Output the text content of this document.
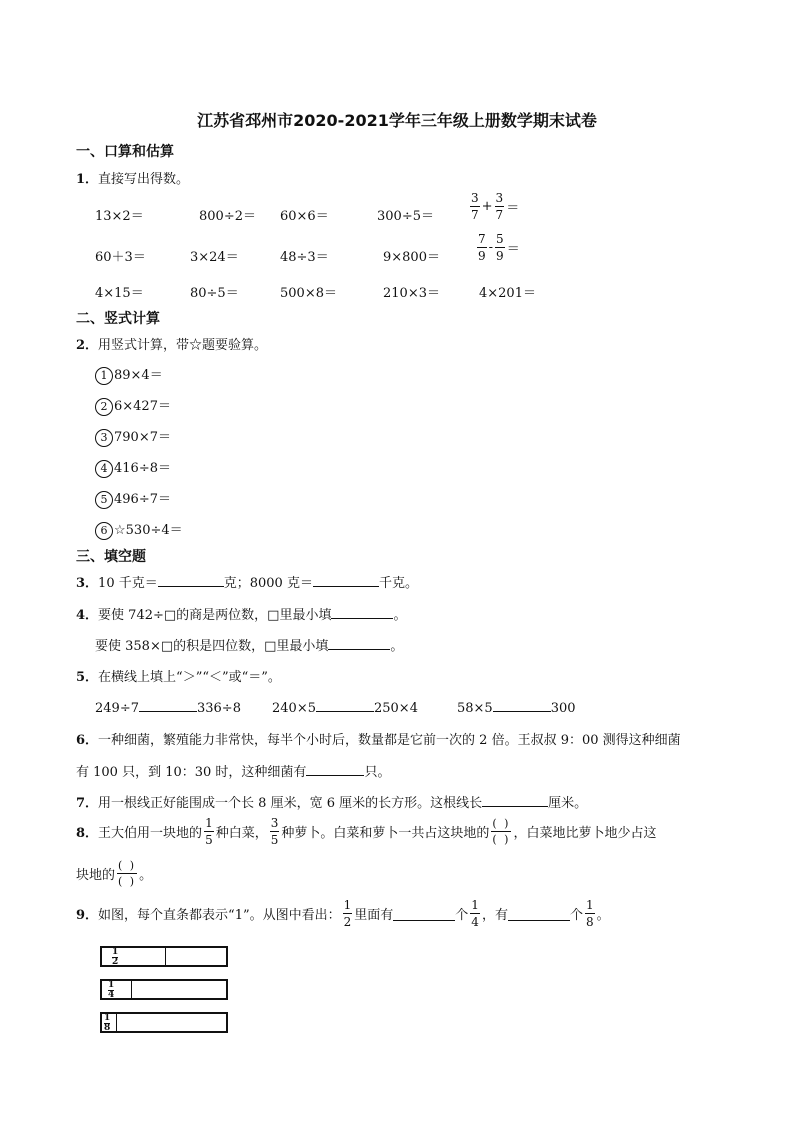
江苏省邳州市2020-2021学年三年级上册数学期末试卷
一、口算和估算
1．直接写出得数。
13×2＝	800÷2＝ 60×6＝	300÷5＝	$\frac{3}{7} + \frac{3}{7}$ ＝
60＋3＝	3×24＝	48÷3＝	9×800＝	$\frac{7}{9} - \frac{5}{9}$ ＝
4×15＝	80÷5＝	500×8＝	210×3＝	4×201＝
二、竖式计算
2．用竖式计算，带☆题要验算。
1 89×4＝
2 6×427＝
3 790×7＝
4 416÷8＝
5 496÷7＝
6 ☆530÷4＝
三、填空题
3．10 千克＝	克；8000 克＝	千克。
4．要使 742÷□的商是两位数，□里最小填	。
要使 358×□的积是四位数，□里最小填	。
5．在横线上填上“＞”“＜”或“＝”。
249÷7	336÷8 240×5	250×4	58×5	300
6．一种细菌，繁殖能力非常快，每半个小时后，数量都是它前一次的 2 倍。王叔叔 9：00 测得这种细菌
有 100 只，到 10：30 时，这种细菌有	只。
7．用一根线正好能围成一个长 8 厘米，宽 6 厘米的长方形。这根线长	厘米。
8．王大伯用一块地的 $\frac{1}{5}$ 种白菜， $\frac{3}{5}$ 种萝卜。白菜和萝卜一共占这块地的 $\frac{( )}{( )}$ ，白菜地比萝卜地少占这
块地的 $\frac{( )}{( )}$ 。
9．如图，每个直条都表示“1”。从图中看出： $\frac{1}{2}$ 里面有	个 $\frac{1}{4}$ ，有	个 $\frac{1}{8}$ 。
1
2
1
4
1
8
